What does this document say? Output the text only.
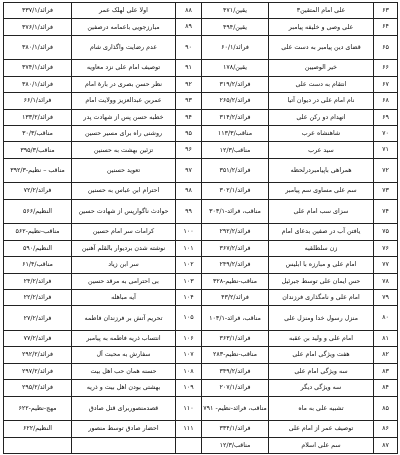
۶۳	علی امام المتقین۳	یقین/۴۷۱	۸۸	اولا علی لهلک عمر	فرائد/۳۳۷/۱
۶۴	علی وصی و خلیفه پیامبر	یقین/۴۹۴	۸۹	مبارزجویی باعمامه درصفین	فرائد/۳۷۶/۱
۶۵	قضای دین پیامبر به دست علی	فرائد/۶۰/۱	۹۰	عدم رضایت واگذاری شام	فرائد/۳۸۰/۱
۶۶	خیر الوصیین	یقین/۱۷۸	۹۱	توصیف امام علی نزد معاویه	فرائد/۳۷۴/۱
۶۷	انتقام به دست علی	فرائد/۳۱۹/۲	۹۲	نظر حسن بصری در بارهٔ امام	فرائد/۳۸۰/۱
۶۸	نام امام علی در دیوان آتیا	فرائد/۲۶۵/۲	۹۳	عمربن عبدالعزیز وولایت امام	فرائد/۶۶/۱
۶۹	انهدام دو رکن علی	فرائد/۳۱۴/۲	۹۴	خطبه حسن پس از شهادت پدر	فرائد/۱۳۳/۲
۷۰	شاهنشاه عرب	مناقب/۱۱۳/۳	۹۵	روشنی راه برای مسیر حسین	مناقب/۳۰/۳
۷۱	سید عرب	مناقب/۱۲/۳	۹۶	تزئین بهشت به حسنین	مناقب/۳۹۵/۳
۷۲	همراهی باپیامبردرلحظه	فرائد/۳۵۱/۲	۹۷	تعوید حسنین	مناقب – نظیم-۳۹۲/۳
۷۳	سم علی مساوی سم پیامبر	فرائد/۳۰۲/۱	۹۸	احترام ابن عباس به حسنین	فرائد/۷۲/۲
۷۴	سزای سب امام علی	مناقب، فرائد-۳۰۳/۱	۹۹	حوادث ناگوارپس از شهادت حسین	النظیم/۵۶۶
۷۵	یافتن آب در صفین بدعای امام	فرائد/۲۹۲/۲	۱۰۰	کرامات سر امام حسین	مناقب-نظیم-۵۶۲
۷۶	زن سلطلقیه	فرائد/۳۶۷/۲	۱۰۱	نوشته شدن بردیوار بالقلم آهنین	النظیم/۵۹۰
۷۷	امام علی و مبارزه با ابلیس	فرائد/۲۴۹/۲	۱۰۲	سر ابن زیاد	مناقب/۶۱/۴
۷۸	حس ایمان علی توسط جبرئیل	مناقب-نظیم-۳۲۸	۱۰۳	بی احترامی به مرقد حسین	فرائد/۲۴/۲
۷۹	امام علی و نامگذاری فرزندان	فرائد/۴۳/۲	۱۰۴	آیه مباهله	فرائد/۲۲/۲
۸۰	منزل رسول خدا ومنزل علی	مناقب، فرائد-۱۰۳/۱	۱۰۵	تحریم آتش بر فرزندان فاطمه	فرائد/۲۷/۲
۸۱	امام علی و ولید بن عقبه	فرائد/۳۶۳/۱	۱۰۶	انتساب ذریه فاطمه به پیامبر	فرائد/۷۷/۲
۸۲	هفت ویژگی امام علی	مناقب-نظیم-۲۸۳	۱۰۷	سفارش به محبت آل	فرائد/۲۹۲/۲
۸۳	سه ویژگی امام علی	فرائد/۳۴۹/۲	۱۰۸	حسنه همان حب اهل بیت	فرائد/۲۹۷/۲
۸۴	سه ویژگی دیگر	فرائد/۲۰۷/۱	۱۰۹	بهشتی بودن اهل بیت و ذریه	فرائد/۲۹۵/۲
۸۵	تشبیه علی به ماه	مناقب، فرائد-نظیم- ۷۹۱	۱۱۰	قصدمنصوربرای قتل صادق	مهج-نظیم-۶۲۲
۸۶	توصیف عمر از امام علی	فرائد/۳۳۴/۱	۱۱۱	احضار صادق توسط منصور	النظیم/۶۲۲
۸۷	سم علی اسلام	مناقب/۱۲/۳			
